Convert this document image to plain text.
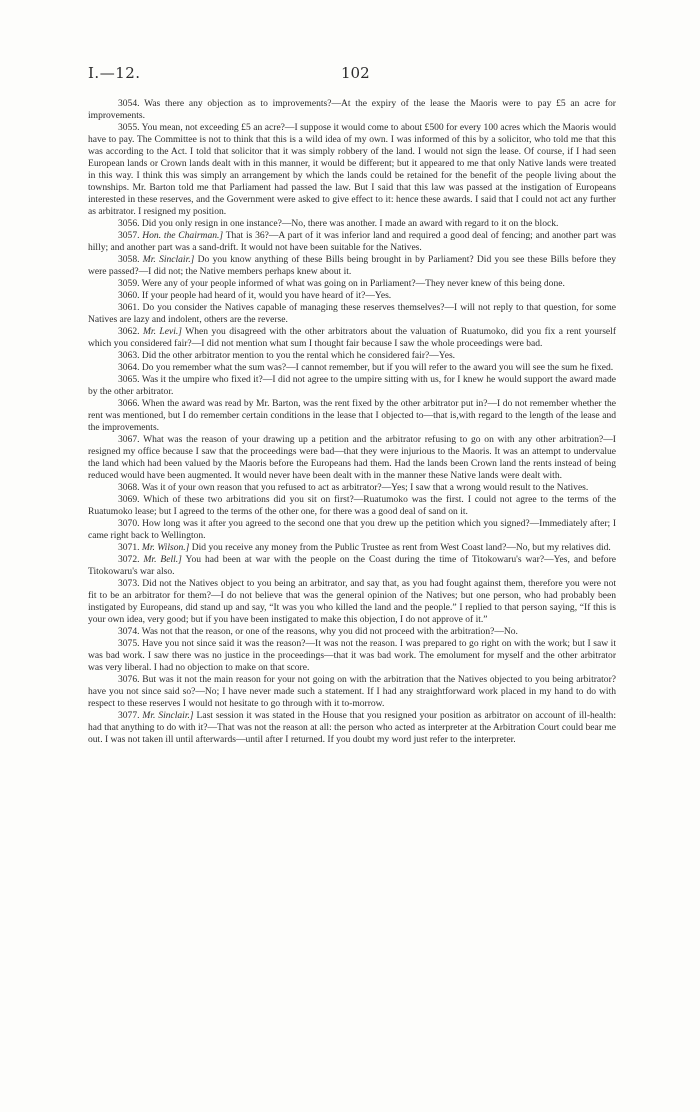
I.—12.	102

3054. Was there any objection as to improvements?—At the expiry of the lease the Maoris were to pay £5 an acre for improvements.

3055. You mean, not exceeding £5 an acre?—I suppose it would come to about £500 for every 100 acres which the Maoris would have to pay. The Committee is not to think that this is a wild idea of my own. I was informed of this by a solicitor, who told me that this was according to the Act. I told that solicitor that it was simply robbery of the land. I would not sign the lease. Of course, if I had seen European lands or Crown lands dealt with in this manner, it would be different; but it appeared to me that only Native lands were treated in this way. I think this was simply an arrangement by which the lands could be retained for the benefit of the people living about the townships. Mr. Barton told me that Parliament had passed the law. But I said that this law was passed at the instigation of Europeans interested in these reserves, and the Government were asked to give effect to it: hence these awards. I said that I could not act any further as arbitrator. I resigned my position.

3056. Did you only resign in one instance?—No, there was another. I made an award with regard to it on the block.

3057. Hon. the Chairman.] That is 36?—A part of it was inferior land and required a good deal of fencing; and another part was hilly; and another part was a sand-drift. It would not have been suitable for the Natives.

3058. Mr. Sinclair.] Do you know anything of these Bills being brought in by Parliament? Did you see these Bills before they were passed?—I did not; the Native members perhaps knew about it.

3059. Were any of your people informed of what was going on in Parliament?—They never knew of this being done.

3060. If your people had heard of it, would you have heard of it?—Yes.

3061. Do you consider the Natives capable of managing these reserves themselves?—I will not reply to that question, for some Natives are lazy and indolent, others are the reverse.

3062. Mr. Levi.] When you disagreed with the other arbitrators about the valuation of Ruatumoko, did you fix a rent yourself which you considered fair?—I did not mention what sum I thought fair because I saw the whole proceedings were bad.

3063. Did the other arbitrator mention to you the rental which he considered fair?—Yes.

3064. Do you remember what the sum was?—I cannot remember, but if you will refer to the award you will see the sum he fixed.

3065. Was it the umpire who fixed it?—I did not agree to the umpire sitting with us, for I knew he would support the award made by the other arbitrator.

3066. When the award was read by Mr. Barton, was the rent fixed by the other arbitrator put in?—I do not remember whether the rent was mentioned, but I do remember certain conditions in the lease that I objected to—that is,with regard to the length of the lease and the improvements.

3067. What was the reason of your drawing up a petition and the arbitrator refusing to go on with any other arbitration?—I resigned my office because I saw that the proceedings were bad—that they were injurious to the Maoris. It was an attempt to undervalue the land which had been valued by the Maoris before the Europeans had them. Had the lands been Crown land the rents instead of being reduced would have been augmented. It would never have been dealt with in the manner these Native lands were dealt with.

3068. Was it of your own reason that you refused to act as arbitrator?—Yes; I saw that a wrong would result to the Natives.

3069. Which of these two arbitrations did you sit on first?—Ruatumoko was the first. I could not agree to the terms of the Ruatumoko lease; but I agreed to the terms of the other one, for there was a good deal of sand on it.

3070. How long was it after you agreed to the second one that you drew up the petition which you signed?—Immediately after; I came right back to Wellington.

3071. Mr. Wilson.] Did you receive any money from the Public Trustee as rent from West Coast land?—No, but my relatives did.

3072. Mr. Bell.] You had been at war with the people on the Coast during the time of Titokowaru's war?—Yes, and before Titokowaru's war also.

3073. Did not the Natives object to you being an arbitrator, and say that, as you had fought against them, therefore you were not fit to be an arbitrator for them?—I do not believe that was the general opinion of the Natives; but one person, who had probably been instigated by Europeans, did stand up and say, “It was you who killed the land and the people.” I replied to that person saying, “If this is your own idea, very good; but if you have been instigated to make this objection, I do not approve of it.”

3074. Was not that the reason, or one of the reasons, why you did not proceed with the arbitration?—No.

3075. Have you not since said it was the reason?—It was not the reason. I was prepared to go right on with the work; but I saw it was bad work. I saw there was no justice in the proceedings—that it was bad work. The emolument for myself and the other arbitrator was very liberal. I had no objection to make on that score.

3076. But was it not the main reason for your not going on with the arbitration that the Natives objected to you being arbitrator? have you not since said so?—No; I have never made such a statement. If I had any straightforward work placed in my hand to do with respect to these reserves I would not hesitate to go through with it to-morrow.

3077. Mr. Sinclair.] Last session it was stated in the House that you resigned your position as arbitrator on account of ill-health: had that anything to do with it?—That was not the reason at all: the person who acted as interpreter at the Arbitration Court could bear me out. I was not taken ill until afterwards—until after I returned. If you doubt my word just refer to the interpreter.
